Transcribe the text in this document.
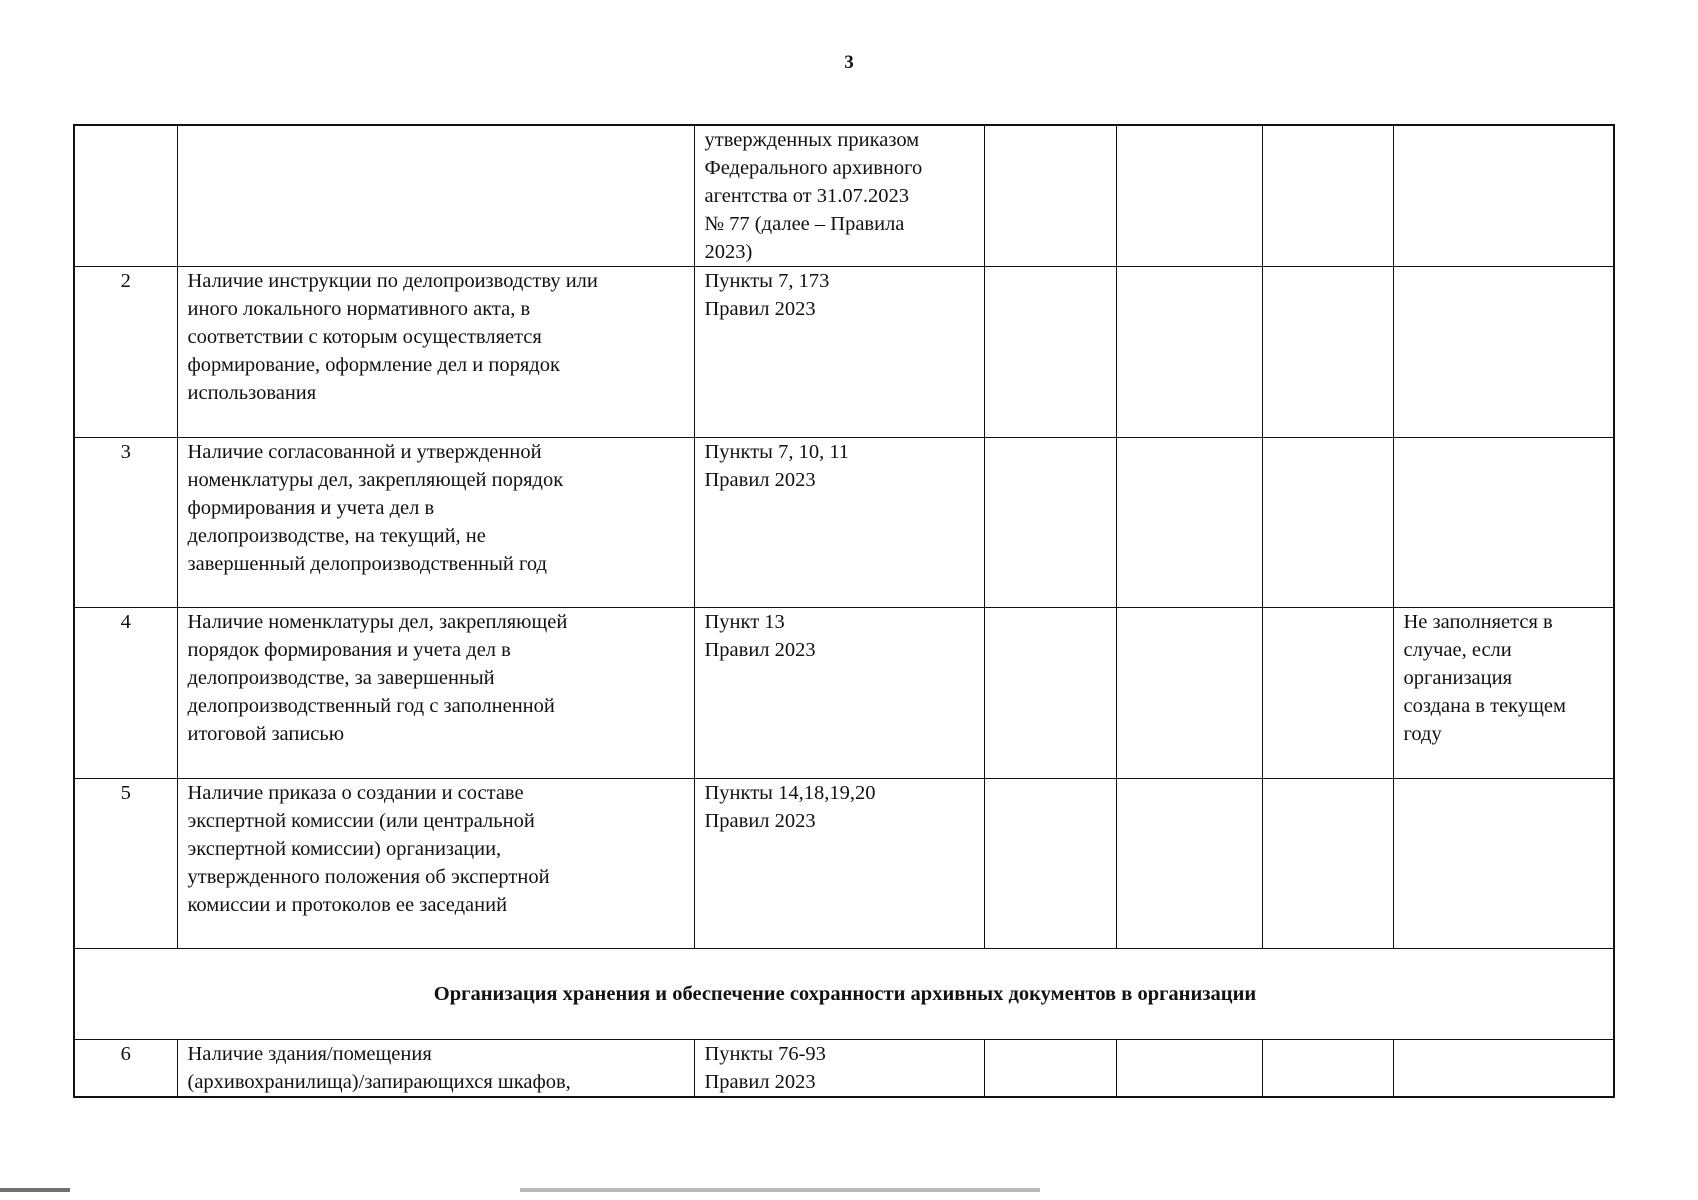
3

		утвержденных приказом
Федерального архивного
агентства от 31.07.2023
№ 77 (далее – Правила
2023)				

2	Наличие инструкции по делопроизводству или
иного локального нормативного акта, в
соответствии с которым осуществляется
формирование, оформление дел и порядок
использования	Пункты 7, 173
Правил 2023				

3	Наличие согласованной и утвержденной
номенклатуры дел, закрепляющей порядок
формирования и учета дел в
делопроизводстве, на текущий, не
завершенный делопроизводственный год	Пункты 7, 10, 11
Правил 2023				

4	Наличие номенклатуры дел, закрепляющей
порядок формирования и учета дел в
делопроизводстве, за завершенный
делопроизводственный год с заполненной
итоговой записью	Пункт 13
Правил 2023				Не заполняется в
случае, если
организация
создана в текущем
году

5	Наличие приказа о создании и составе
экспертной комиссии (или центральной
экспертной комиссии) организации,
утвержденного положения об экспертной
комиссии и протоколов ее заседаний	Пункты 14,18,19,20
Правил 2023				

Организация хранения и обеспечение сохранности архивных документов в организации						
6	Наличие здания/помещения
(архивохранилища)/запирающихся шкафов,	Пункты 76-93
Правил 2023				
